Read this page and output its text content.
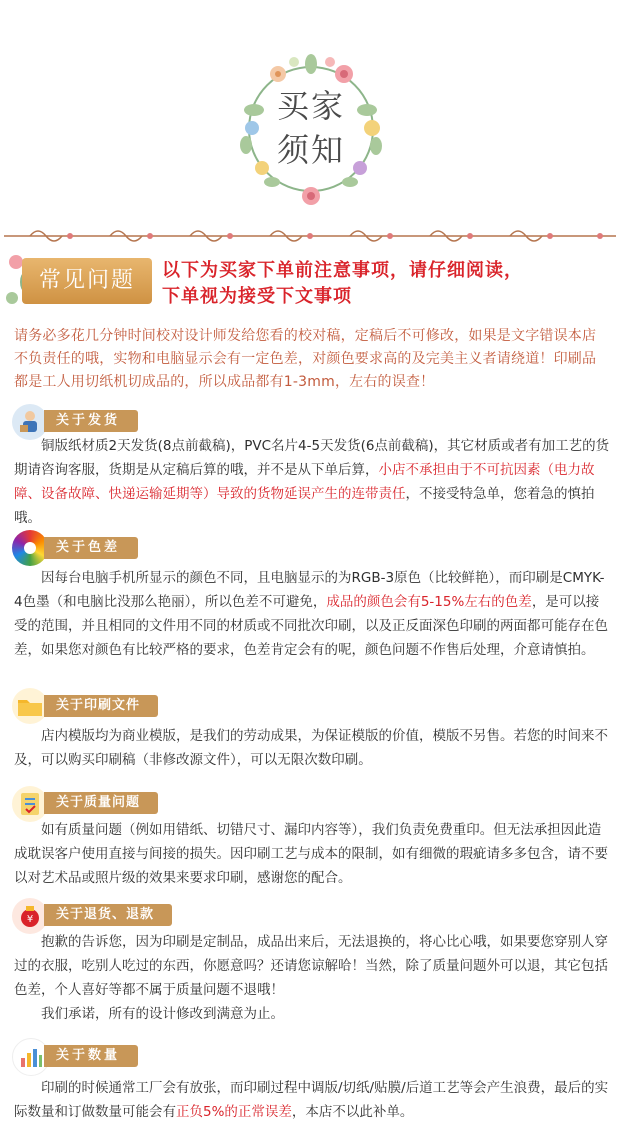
买家
须知
常见问题	以下为买家下单前注意事项，请仔细阅读，
下单视为接受下文事项
请务必多花几分钟时间校对设计师发给您看的校对稿，定稿后不可修改，如果是文字错误本店不负责任的哦，实物和电脑显示会有一定色差，对颜色要求高的及完美主义者请绕道！印刷品都是工人用切纸机切成品的，所以成品都有1-3mm，左右的误查！
关于发货
铜版纸材质2天发货(8点前截稿)，PVC名片4-5天发货(6点前截稿)，其它材质或者有加工艺的货期请咨询客服，货期是从定稿后算的哦，并不是从下单后算，小店不承担由于不可抗因素（电力故障、设备故障、快递运输延期等）导致的货物延误产生的连带责任，不接受特急单，您着急的慎拍哦。
关于色差
因每台电脑手机所显示的颜色不同，且电脑显示的为RGB-3原色（比较鲜艳），而印刷是CMYK-4色墨（和电脑比没那么艳丽），所以色差不可避免，成品的颜色会有5-15%左右的色差，是可以接受的范围，并且相同的文件用不同的材质或不同批次印刷，以及正反面深色印刷的两面都可能存在色差，如果您对颜色有比较严格的要求，色差肯定会有的呢，颜色问题不作售后处理，介意请慎拍。
关于印刷文件
店内模版均为商业模版，是我们的劳动成果，为保证模版的价值，模版不另售。若您的时间来不及，可以购买印刷稿（非修改源文件），可以无限次数印刷。
关于质量问题
如有质量问题（例如用错纸、切错尺寸、漏印内容等），我们负责免费重印。但无法承担因此造成耽误客户使用直接与间接的损失。因印刷工艺与成本的限制，如有细微的瑕疵请多多包含，请不要以对艺术品或照片级的效果来要求印刷，感谢您的配合。
¥	关于退货、退款
抱歉的告诉您，因为印刷是定制品，成品出来后，无法退换的，将心比心哦，如果要您穿别人穿过的衣服，吃别人吃过的东西，你愿意吗？还请您谅解哈！当然，除了质量问题外可以退，其它包括色差，个人喜好等都不属于质量问题不退哦！
我们承诺，所有的设计修改到满意为止。
关于数量
印刷的时候通常工厂会有放张，而印刷过程中调版/切纸/贴膜/后道工艺等会产生浪费，最后的实际数量和订做数量可能会有正负5%的正常误差，本店不以此补单。
